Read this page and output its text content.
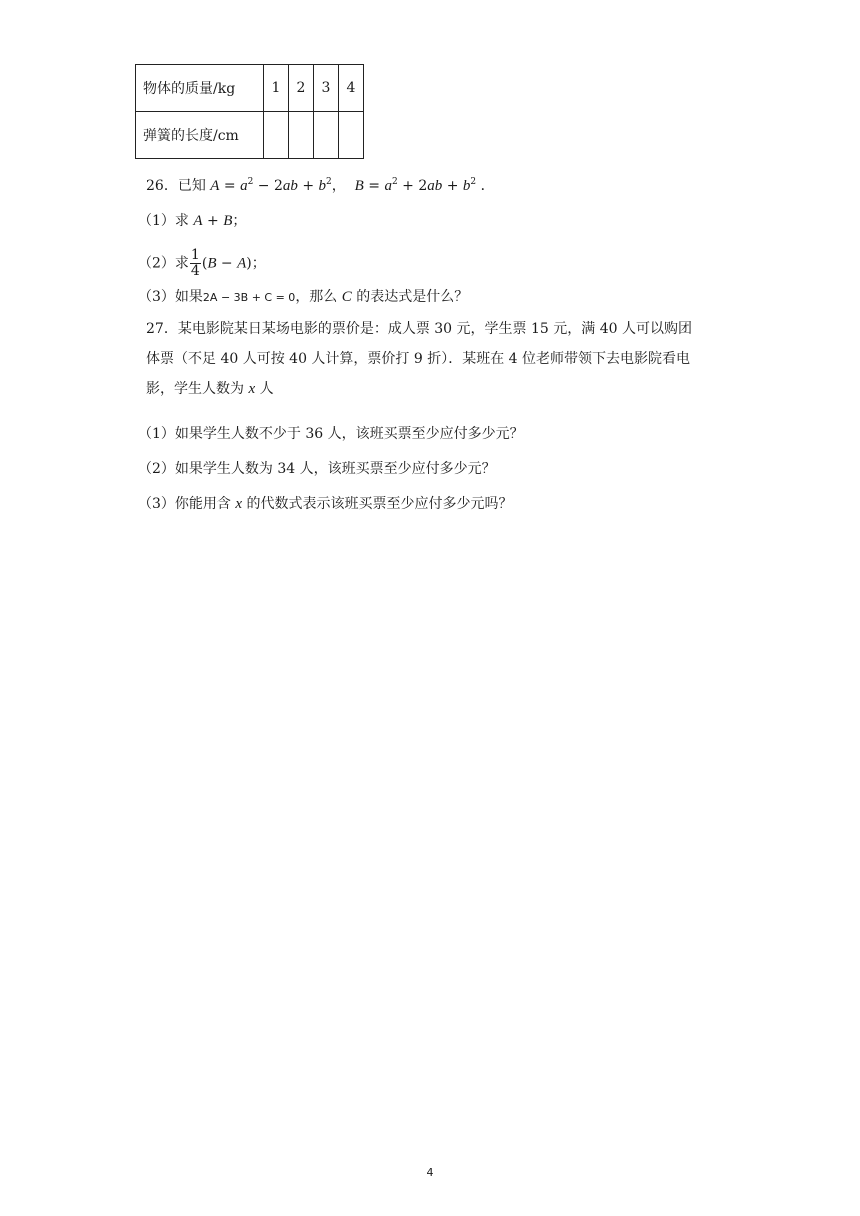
物体的质量/kg	1	2	3	4
弹簧的长度/cm				
26．已知 $A = a^2 - 2ab + b^2$， $B = a^2 + 2ab + b^2$ ．
（1）求 A + B；
（2）求 $\frac{1}{4} (B - A)$；
（3）如果2A − 3B + C = 0，那么 C 的表达式是什么？
27．某电影院某日某场电影的票价是：成人票 30 元，学生票 15 元，满 40 人可以购团
体票（不足 40 人可按 40 人计算，票价打 9 折）．某班在 4 位老师带领下去电影院看电
影，学生人数为 x 人
（1）如果学生人数不少于 36 人，该班买票至少应付多少元？
（2）如果学生人数为 34 人，该班买票至少应付多少元？
（3）你能用含 x 的代数式表示该班买票至少应付多少元吗？
4
